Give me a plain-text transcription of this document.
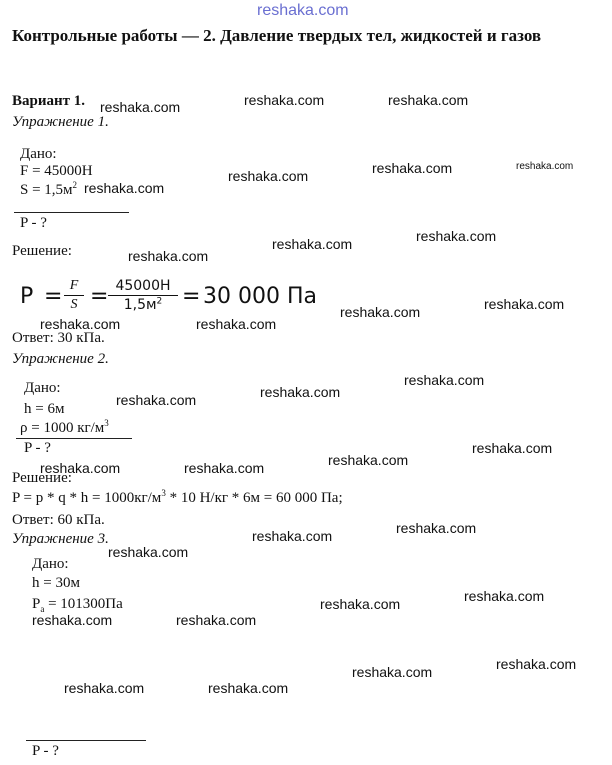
reshaka.com
Контрольные работы — 2. Давление твердых тел, жидкостей и газов
Вариант 1.
Упражнение 1.
Дано:
F = 45000H
$S = 1,5м^2$
P - ?
Решение:
$P = \frac{F}{S} = 45000H$
$1,5м^2 = 30$ 000 Па
Ответ: 30 кПа.
Упражнение 2.
Дано:
h = 6м
ρ = 1000 $кг/м^3$
P - ?
Решение:
$P = p * q * h = 1000кг/м^3 * 10$ Н/кг * 6м = 60 000 Па;
Ответ: 60 кПа.
Упражнение 3.
Дано:
h = 30м
$P_a = 101300Па$
P - ?
reshaka.com	reshaka.com	reshaka.com
reshaka.com	reshaka.com
reshaka.com
reshaka.com
reshaka.com
reshaka.com
reshaka.com
reshaka.com
reshaka.com
reshaka.com	reshaka.com
reshaka.com
reshaka.com
reshaka.com
reshaka.com
reshaka.com
reshaka.com	reshaka.com
reshaka.com
reshaka.com
reshaka.com
reshaka.com
reshaka.com
reshaka.com	reshaka.com
reshaka.com
reshaka.com
reshaka.com	reshaka.com
